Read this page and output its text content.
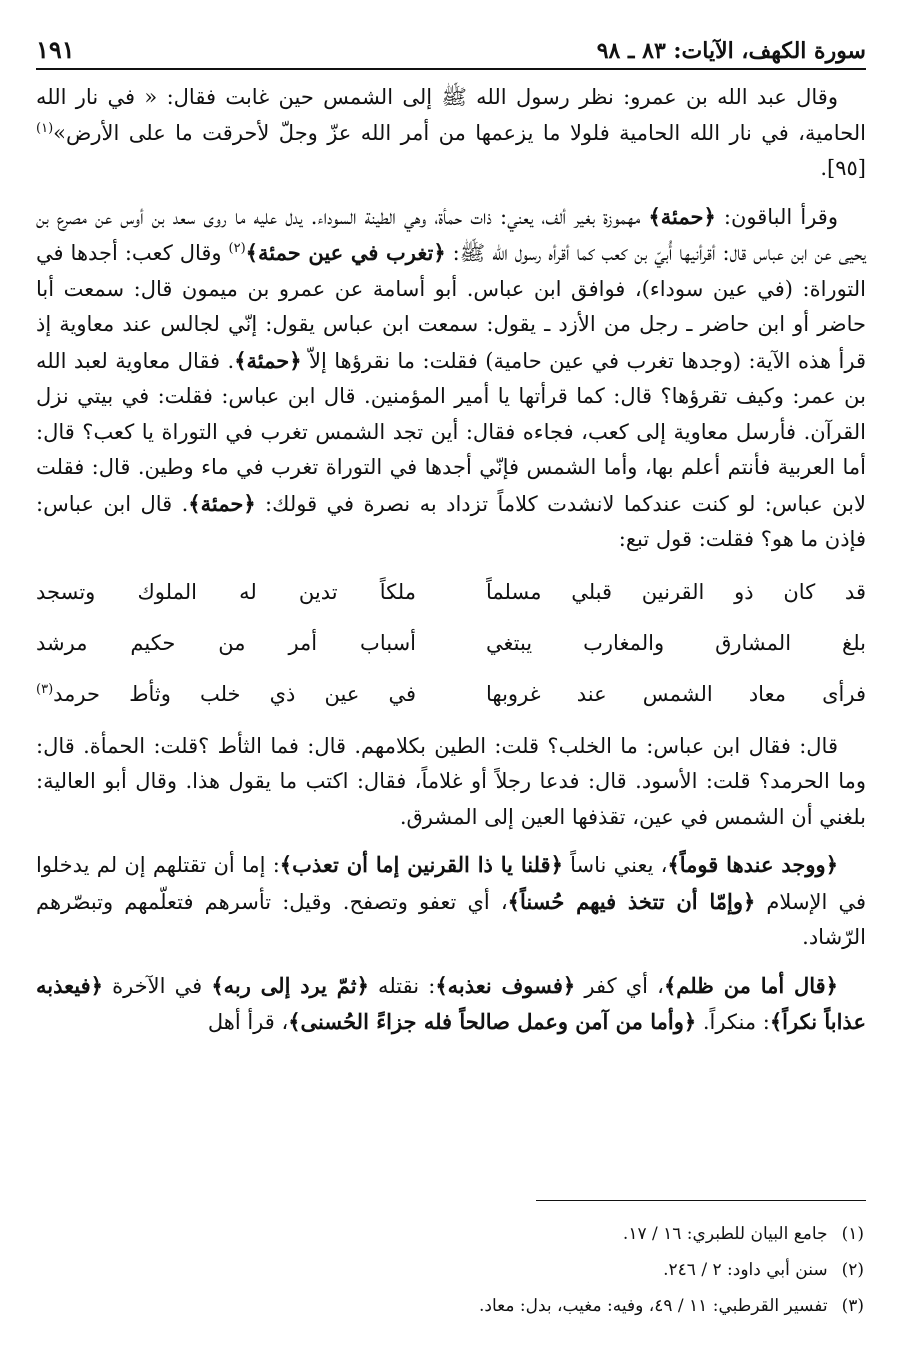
سورة الكهف، الآيات: ٨٣ ـ ٩٨
١٩١

وقال عبد الله بن عمرو: نظر رسول الله ﷺ إلى الشمس حين غابت فقال: « في نار الله الحامية، في نار الله الحامية فلولا ما يزعمها من أمر الله عزّ وجلّ لأحرقت ما على الأرض»$^{(١)}$ [٩٥].

وقرأ الباقون: ﴿حمئة﴾ مهموزة بغير ألف، يعني: ذات حمأة، وهي الطينة السوداء. يدل عليه ما روى سعد بن أوس عن مصرع بن يحيى عن ابن عباس قال: أقرأنيها أُبيّ بن كعب كما أقرأه رسول الله ﷺ: ﴿تغرب في عين حمئة﴾$^{(٢)}$ وقال كعب: أجدها في التوراة: (في عين سوداء)، فوافق ابن عباس. أبو أسامة عن عمرو بن ميمون قال: سمعت أبا حاضر أو ابن حاضر ـ رجل من الأزد ـ يقول: سمعت ابن عباس يقول: إنّي لجالس عند معاوية إذ قرأ هذه الآية: (وجدها تغرب في عين حامية) فقلت: ما نقرؤها إلاّ ﴿حمئة﴾. فقال معاوية لعبد الله بن عمر: وكيف تقرؤها؟ قال: كما قرأتها يا أمير المؤمنين. قال ابن عباس: فقلت: في بيتي نزل القرآن. فأرسل معاوية إلى كعب، فجاءه فقال: أين تجد الشمس تغرب في التوراة يا كعب؟ قال: أما العربية فأنتم أعلم بها، وأما الشمس فإنّي أجدها في التوراة تغرب في ماء وطين. قال: فقلت لابن عباس: لو كنت عندكما لانشدت كلاماً تزداد به نصرة في قولك: ﴿حمئة﴾. قال ابن عباس: فإذن ما هو؟ فقلت: قول تبع:

قد كان ذو القرنين قبلي مسلماً
ملكاً تدين له الملوك وتسجد
بلغ المشارق والمغارب يبتغي
أسباب أمر من حكيم مرشد
فرأى معاد الشمس عند غروبها
في عين ذي خلب وثأط حرمد$^{(٣)}$

قال: فقال ابن عباس: ما الخلب؟ قلت: الطين بكلامهم. قال: فما الثأط ؟قلت: الحمأة. قال: وما الحرمد؟ قلت: الأسود. قال: فدعا رجلاً أو غلاماً، فقال: اكتب ما يقول هذا. وقال أبو العالية: بلغني أن الشمس في عين، تقذفها العين إلى المشرق.

﴿ووجد عندها قوماً﴾، يعني ناساً ﴿قلنا يا ذا القرنين إما أن تعذب﴾: إما أن تقتلهم إن لم يدخلوا في الإسلام ﴿وإمّا أن تتخذ فيهم حُسناً﴾، أي تعفو وتصفح. وقيل: تأسرهم فتعلّمهم وتبصّرهم الرّشاد.

﴿قال أما من ظلم﴾، أي كفر ﴿فسوف نعذبه﴾: نقتله ﴿ثمّ يرد إلى ربه﴾ في الآخرة ﴿فيعذبه عذاباً نكراً﴾: منكراً. ﴿وأما من آمن وعمل صالحاً فله جزاءً الحُسنى﴾، قرأ أهل

(١)
جامع البيان للطبري: ١٦ / ١٧.
(٢)
سنن أبي داود: ٢ / ٢٤٦.
(٣)
تفسير القرطبي: ١١ / ٤٩، وفيه: مغيب، بدل: معاد.
